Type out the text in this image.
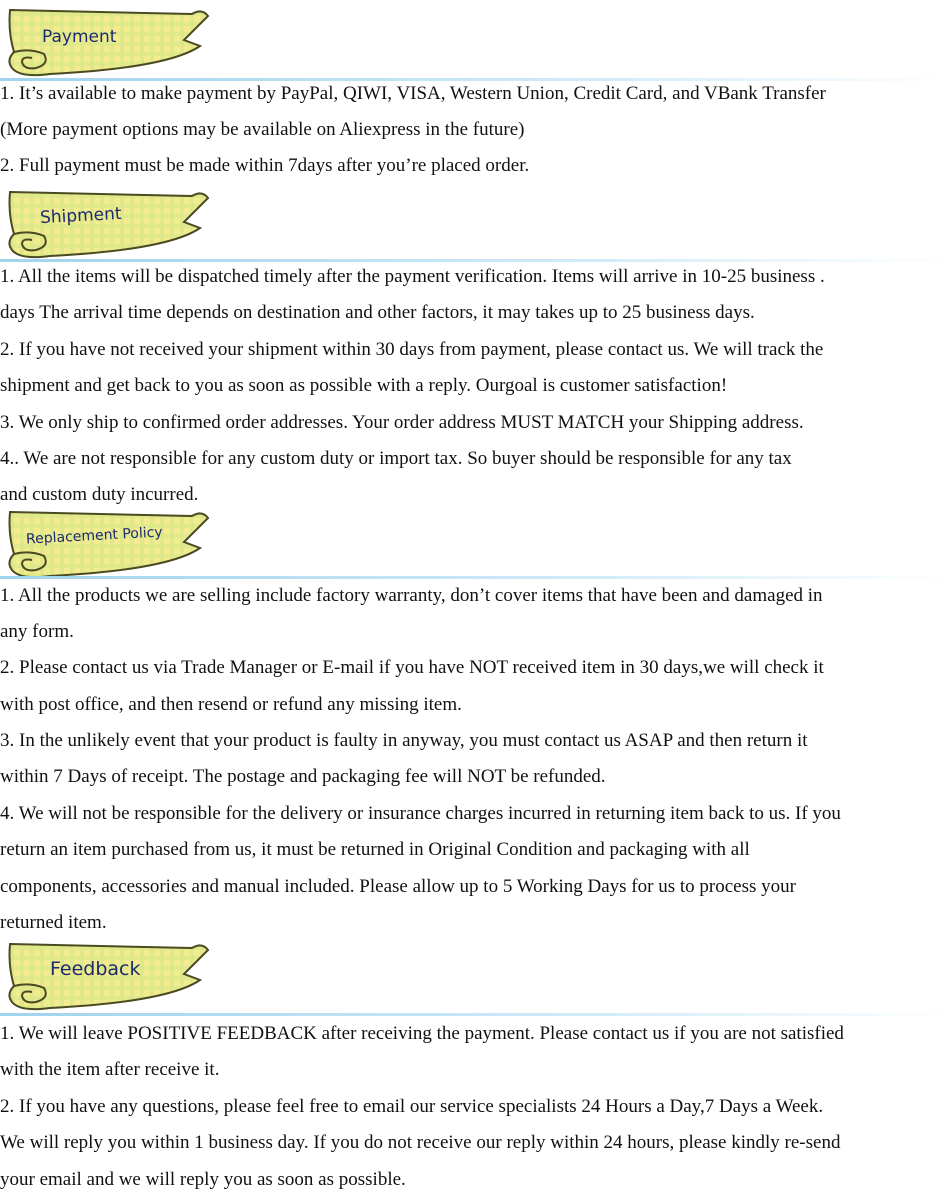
Payment
1. It’s available to make payment by PayPal, QIWI, VISA, Western Union, Credit Card, and VBank Transfer
(More payment options may be available on Aliexpress in the future)
2. Full payment must be made within 7days after you’re placed order.
Shipment
1. All the items will be dispatched timely after the payment verification. Items will arrive in 10-25 business .
days The arrival time depends on destination and other factors, it may takes up to 25 business days.
2. If you have not received your shipment within 30 days from payment, please contact us. We will track the
shipment and get back to you as soon as possible with a reply. Ourgoal is customer satisfaction!
3. We only ship to confirmed order addresses. Your order address MUST MATCH your Shipping address.
4.. We are not responsible for any custom duty or import tax. So buyer should be responsible for any tax
and custom duty incurred.
Replacement Policy
1. All the products we are selling include factory warranty, don’t cover items that have been and damaged in
any form.
2. Please contact us via Trade Manager or E-mail if you have NOT received item in 30 days,we will check it
with post office, and then resend or refund any missing item.
3. In the unlikely event that your product is faulty in anyway, you must contact us ASAP and then return it
within 7 Days of receipt. The postage and packaging fee will NOT be refunded.
4. We will not be responsible for the delivery or insurance charges incurred in returning item back to us. If you
return an item purchased from us, it must be returned in Original Condition and packaging with all
components, accessories and manual included. Please allow up to 5 Working Days for us to process your
returned item.
Feedback
1. We will leave POSITIVE FEEDBACK after receiving the payment. Please contact us if you are not satisfied
with the item after receive it.
2. If you have any questions, please feel free to email our service specialists 24 Hours a Day,7 Days a Week.
We will reply you within 1 business day. If you do not receive our reply within 24 hours, please kindly re-send
your email and we will reply you as soon as possible.
